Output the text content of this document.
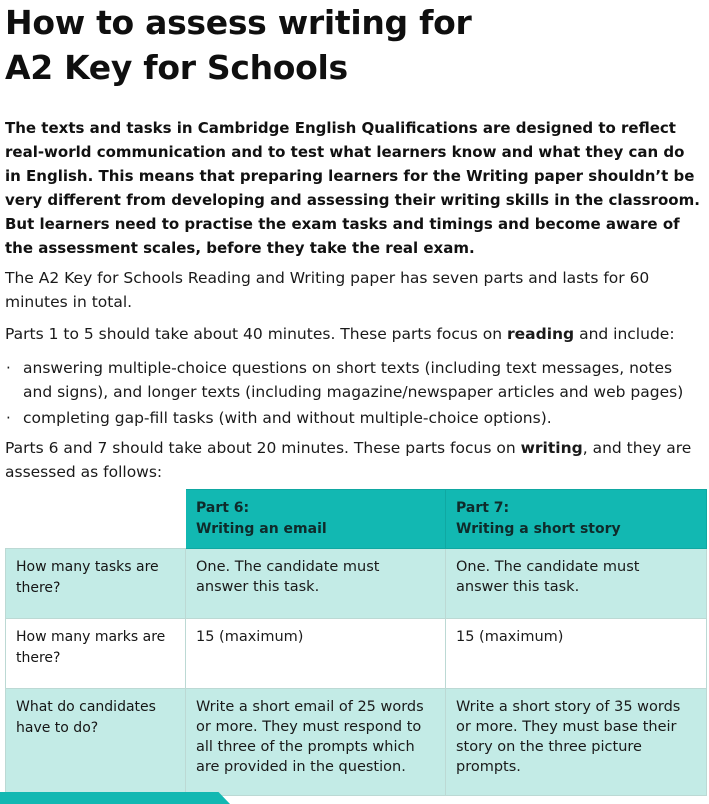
How to assess writing for
A2 Key for Schools

The texts and tasks in Cambridge English Qualifications are designed to reflect real-world communication and to test what learners know and what they can do in English. This means that preparing learners for the Writing paper shouldn’t be very different from developing and assessing their writing skills in the classroom. But learners need to practise the exam tasks and timings and become aware of the assessment scales, before they take the real exam.

The A2 Key for Schools Reading and Writing paper has seven parts and lasts for 60 minutes in total.

Parts 1 to 5 should take about 40 minutes. These parts focus on reading and include:

· answering multiple-choice questions on short texts (including text messages, notes and signs), and longer texts (including magazine/newspaper articles and web pages)
· completing gap-fill tasks (with and without multiple-choice options).

Parts 6 and 7 should take about 20 minutes. These parts focus on writing, and they are assessed as follows:

	Part 6:
Writing an email	Part 7:
Writing a short story
How many tasks are there?	One. The candidate must answer this task.	One. The candidate must answer this task.
How many marks are there?	15 (maximum)	15 (maximum)
What do candidates have to do?	Write a short email of 25 words or more. They must respond to all three of the prompts which are provided in the question.	Write a short story of 35 words or more. They must base their story on the three picture prompts.
